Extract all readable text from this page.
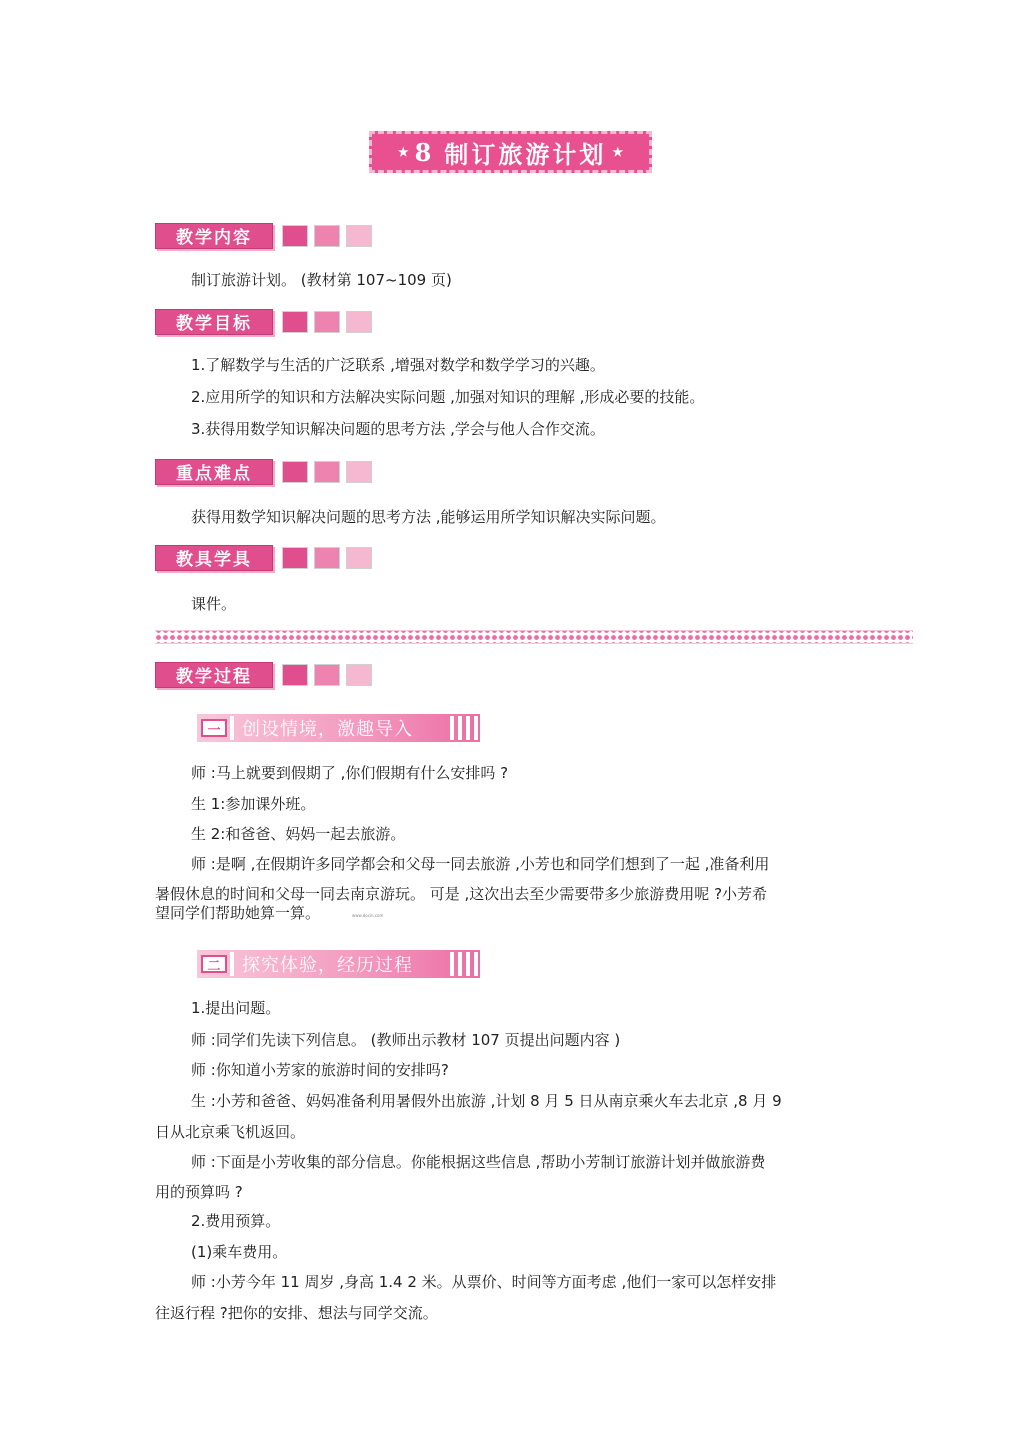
★ 8 制订旅游计划 ★
教学内容
制订旅游计划。 (教材第 107~109 页)
教学目标
1.了解数学与生活的广泛联系 ,增强对数学和数学学习的兴趣。
2.应用所学的知识和方法解决实际问题 ,加强对知识的理解 ,形成必要的技能。
3.获得用数学知识解决问题的思考方法 ,学会与他人合作交流。
重点难点
获得用数学知识解决问题的思考方法 ,能够运用所学知识解决实际问题。
教具学具
课件。
教学过程
一	创设情境，激趣导入
师 :马上就要到假期了 ,你们假期有什么安排吗 ?
生 1:参加课外班。
生 2:和爸爸、妈妈一起去旅游。
师 :是啊 ,在假期许多同学都会和父母一同去旅游 ,小芳也和同学们想到了一起 ,准备利用
暑假休息的时间和父母一同去南京游玩。 可是 ,这次出去至少需要带多少旅游费用呢 ?小芳希
望同学们帮助她算一算。	www.docin.com
二	探究体验，经历过程
1.提出问题。
师 :同学们先读下列信息。 (教师出示教材 107 页提出问题内容 )
师 :你知道小芳家的旅游时间的安排吗?
生 :小芳和爸爸、妈妈准备利用暑假外出旅游 ,计划 8 月 5 日从南京乘火车去北京 ,8 月 9
日从北京乘飞机返回。
师 :下面是小芳收集的部分信息。你能根据这些信息 ,帮助小芳制订旅游计划并做旅游费
用的预算吗 ?
2.费用预算。
(1)乘车费用。
师 :小芳今年 11 周岁 ,身高 1.4 2 米。从票价、时间等方面考虑 ,他们一家可以怎样安排
往返行程 ?把你的安排、想法与同学交流。
